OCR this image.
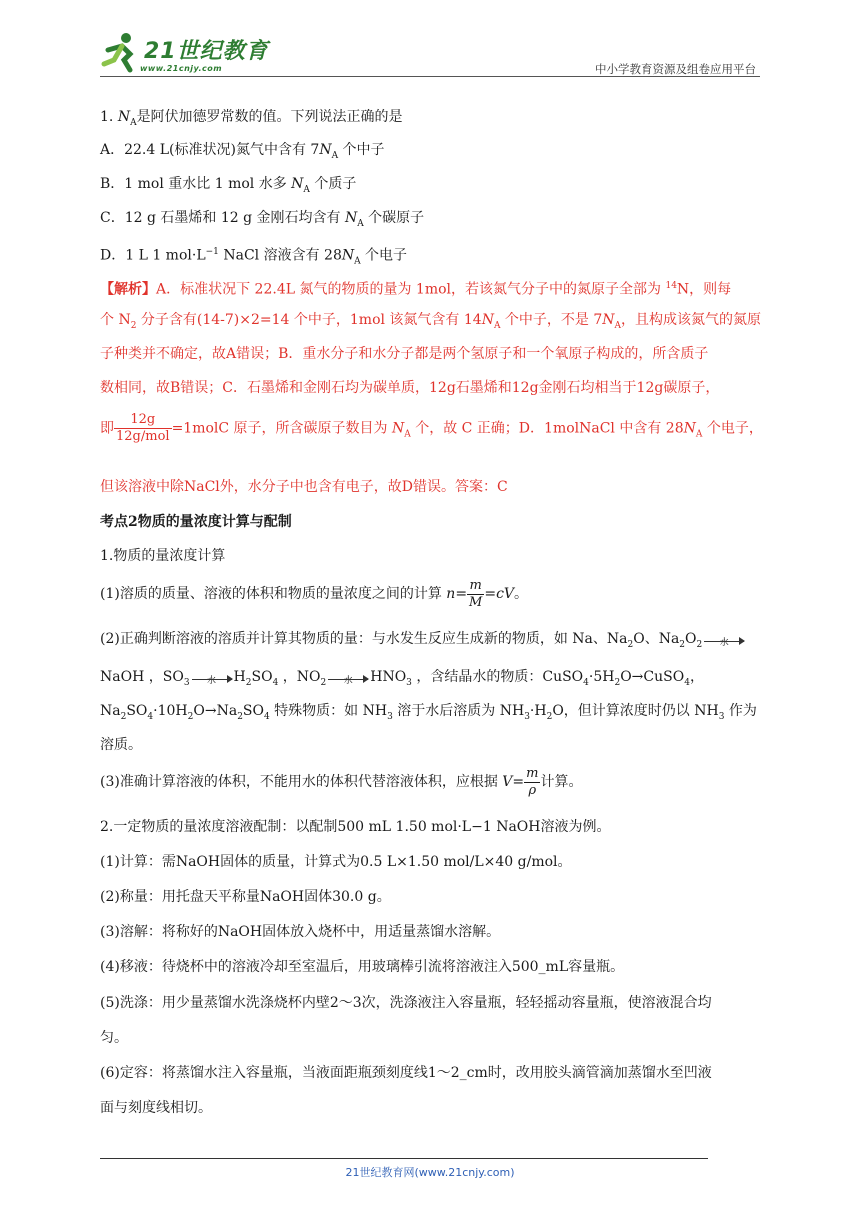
21世纪教育
www.21cnjy.com	中小学教育资源及组卷应用平台

1. $N_A$是阿伏加德罗常数的值。下列说法正确的是

A．22.4 L(标准状况)氮气中含有 $7N_A$ 个中子

B．1 mol 重水比 1 mol 水多 $N_A$ 个质子

C．12 g 石墨烯和 12 g 金刚石均含有 $N_A$ 个碳原子

D．1 L 1 $mol\cdot L^{-1}$ NaCl 溶液含有 $28N_A$ 个电子

【解析】A．标准状况下 22.4L 氮气的物质的量为 1mol，若该氮气分子中的氮原子全部为 $^{14}$N，则每

个 $N_2$ 分子含有(14-7)×2=14 个中子，1mol 该氮气含有 $14N_A$ 个中子，不是 $7N_A$，且构成该氮气的氮原

子种类并不确定，故A错误；B．重水分子和水分子都是两个氢原子和一个氧原子构成的，所含质子

数相同，故B错误；C．石墨烯和金刚石均为碳单质，12g石墨烯和12g金刚石均相当于12g碳原子，

即 $\frac{12g}{\text{12g/mol}}$ =1molC 原子，所含碳原子数目为 $N_A$ 个，故 C 正确；D．1molNaCl 中含有 $28N_A$ 个电子，

但该溶液中除NaCl外，水分子中也含有电子，故D错误。答案：C

考点2物质的量浓度计算与配制

1.物质的量浓度计算

(1)溶质的质量、溶液的体积和物质的量浓度之间的计算 $n= \frac{m}{M} =cV$。

(2)正确判断溶液的溶质并计算其物质的量：与水发生反应生成新的物质，如 Na、$Na_2O$、$Na_2O_2$	水

NaOH ，$SO_3$	水	$H_2SO_4$ ，$NO_2$	水	$HNO_3$ ，含结晶水的物质：$CuSO_4\cdot 5H_2O\to CuSO_4$，

$Na_2SO_4\cdot 10H_2O\to Na_2SO_4$ 特殊物质：如 $NH_3$ 溶于水后溶质为 $NH_3\cdot H_2O$，但计算浓度时仍以 $NH_3$ 作为

溶质。

(3)准确计算溶液的体积，不能用水的体积代替溶液体积，应根据 $V= \frac{m}{\rho}$ 计算。

2.一定物质的量浓度溶液配制：以配制500 mL 1.50 mol·L−1 NaOH溶液为例。

(1)计算：需NaOH固体的质量，计算式为0.5 L×1.50 mol/L×40 g/mol。

(2)称量：用托盘天平称量NaOH固体30.0 g。

(3)溶解：将称好的NaOH固体放入烧杯中，用适量蒸馏水溶解。

(4)移液：待烧杯中的溶液冷却至室温后，用玻璃棒引流将溶液注入500_mL容量瓶。

(5)洗涤：用少量蒸馏水洗涤烧杯内壁2～3次，洗涤液注入容量瓶，轻轻摇动容量瓶，使溶液混合均

匀。

(6)定容：将蒸馏水注入容量瓶，当液面距瓶颈刻度线1～2_cm时，改用胶头滴管滴加蒸馏水至凹液

面与刻度线相切。

21世纪教育网(www.21cnjy.com)
